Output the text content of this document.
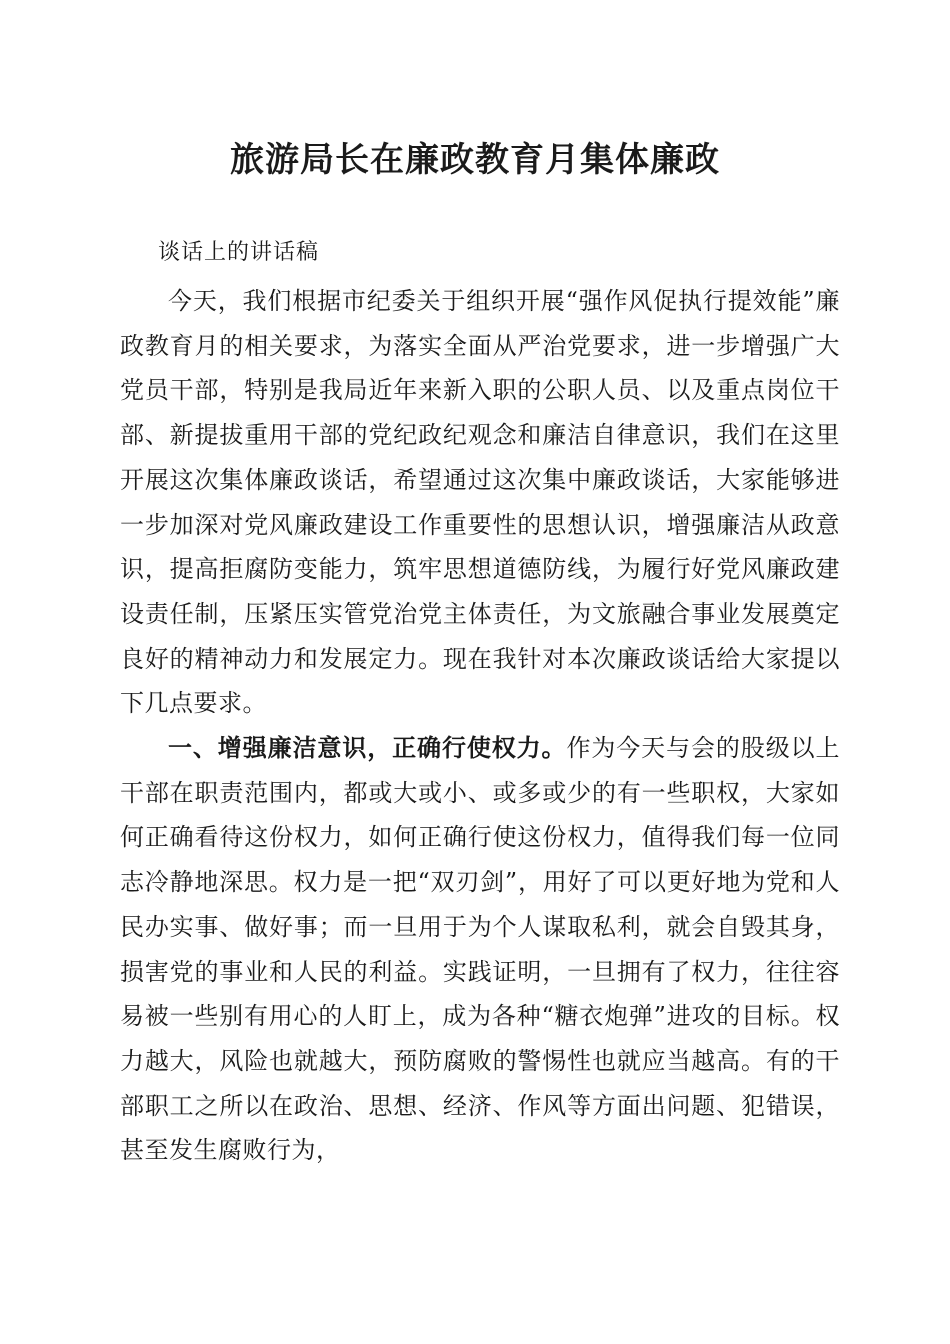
旅游局长在廉政教育月集体廉政

谈话上的讲话稿

今天，我们根据市纪委关于组织开展“强作风促执行提效能”廉政教育月的相关要求，为落实全面从严治党要求，进一步增强广大党员干部，特别是我局近年来新入职的公职人员、以及重点岗位干部、新提拔重用干部的党纪政纪观念和廉洁自律意识，我们在这里开展这次集体廉政谈话，希望通过这次集中廉政谈话，大家能够进一步加深对党风廉政建设工作重要性的思想认识，增强廉洁从政意识，提高拒腐防变能力，筑牢思想道德防线，为履行好党风廉政建设责任制，压紧压实管党治党主体责任，为文旅融合事业发展奠定良好的精神动力和发展定力。现在我针对本次廉政谈话给大家提以下几点要求。

一、增强廉洁意识，正确行使权力。作为今天与会的股级以上干部在职责范围内，都或大或小、或多或少的有一些职权，大家如何正确看待这份权力，如何正确行使这份权力，值得我们每一位同志冷静地深思。权力是一把“双刃剑”，用好了可以更好地为党和人民办实事、做好事；而一旦用于为个人谋取私利，就会自毁其身，损害党的事业和人民的利益。实践证明，一旦拥有了权力，往往容易被一些别有用心的人盯上，成为各种“糖衣炮弹”进攻的目标。权力越大，风险也就越大，预防腐败的警惕性也就应当越高。有的干部职工之所以在政治、思想、经济、作风等方面出问题、犯错误，甚至发生腐败行为，
